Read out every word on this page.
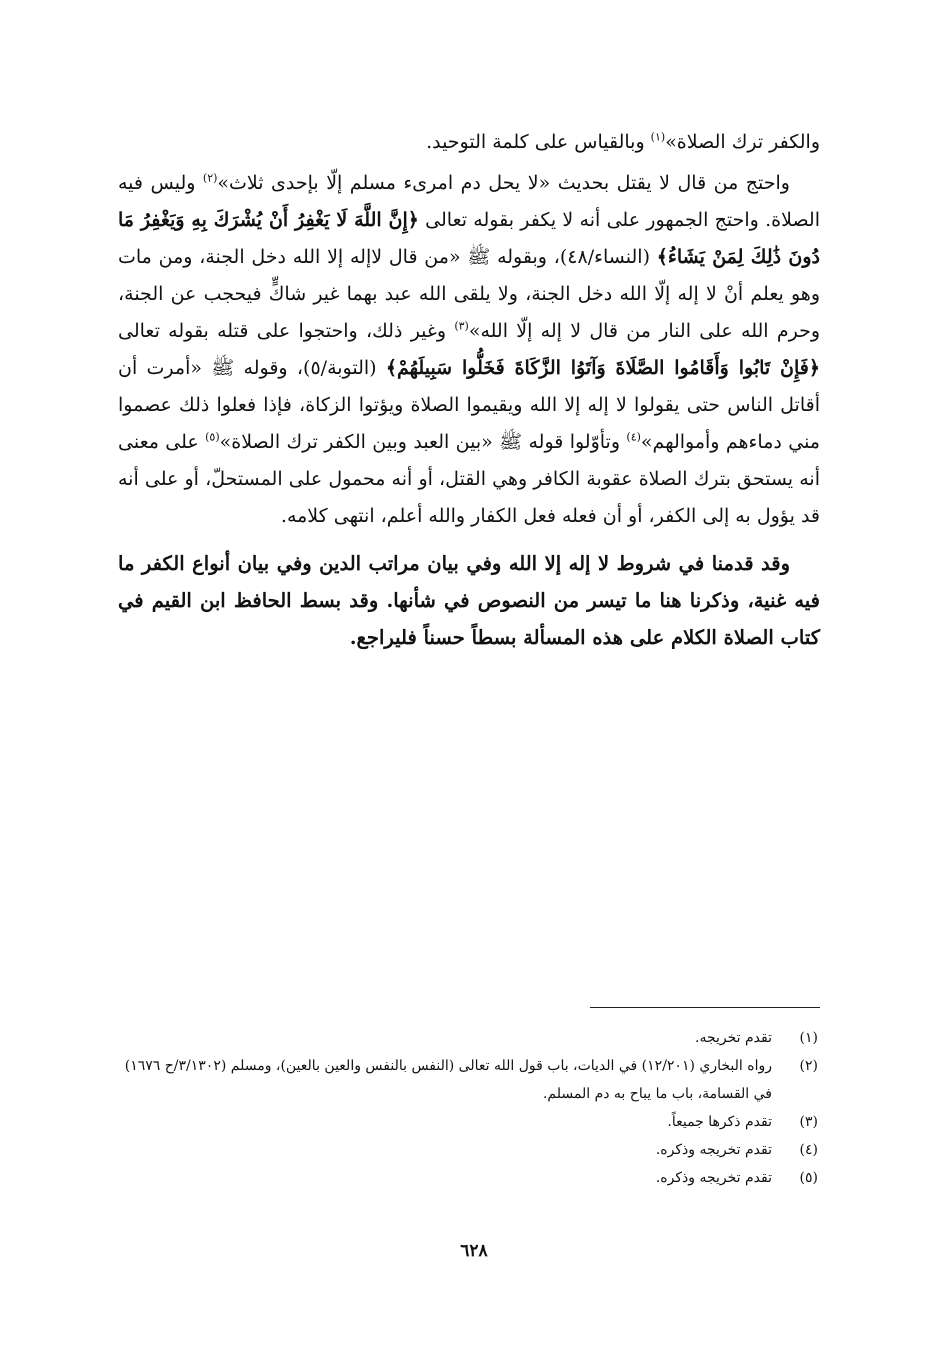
والكفر ترك الصلاة»$^{(١)}$ وبالقياس على كلمة التوحيد.

واحتج من قال لا يقتل بحديث «لا يحل دم امرىء مسلم إلّا بإحدى ثلاث»$^{(٢)}$ وليس فيه الصلاة. واحتج الجمهور على أنه لا يكفر بقوله تعالى ﴿إِنَّ اللَّهَ لَا يَغْفِرُ أَنْ يُشْرَكَ بِهِ وَيَغْفِرُ مَا دُونَ ذَٰلِكَ لِمَنْ يَشَاءُ﴾ (النساء/٤٨)، وبقوله ﷺ «من قال لاإله إلا الله دخل الجنة، ومن مات وهو يعلم أنْ لا إله إلّا الله دخل الجنة، ولا يلقى الله عبد بهما غير شاكٍّ فيحجب عن الجنة، وحرم الله على النار من قال لا إله إلّا الله»$^{(٣)}$ وغير ذلك، واحتجوا على قتله بقوله تعالى ﴿فَإِنْ تَابُوا وَأَقَامُوا الصَّلَاةَ وَآتَوُا الزَّكَاةَ فَخَلُّوا سَبِيلَهُمْ﴾ (التوبة/٥)، وقوله ﷺ «أمرت أن أقاتل الناس حتى يقولوا لا إله إلا الله ويقيموا الصلاة ويؤتوا الزكاة، فإذا فعلوا ذلك عصموا مني دماءهم وأموالهم»$^{(٤)}$ وتأوّلوا قوله ﷺ «بين العبد وبين الكفر ترك الصلاة»$^{(٥)}$ على معنى أنه يستحق بترك الصلاة عقوبة الكافر وهي القتل، أو أنه محمول على المستحلّ، أو على أنه قد يؤول به إلى الكفر، أو أن فعله فعل الكفار والله أعلم، انتهى كلامه.

وقد قدمنا في شروط لا إله إلا الله وفي بيان مراتب الدين وفي بيان أنواع الكفر ما فيه غنية، وذكرنا هنا ما تيسر من النصوص في شأنها. وقد بسط الحافظ ابن القيم في كتاب الصلاة الكلام على هذه المسألة بسطاً حسناً فليراجع.

(١)
تقدم تخريجه.
(٢)
رواه البخاري (١٢/٢٠١) في الديات، باب قول الله تعالى (النفس بالنفس والعين بالعين)، ومسلم (٣/١٣٠٢/ح ١٦٧٦) في القسامة، باب ما يباح به دم المسلم.
(٣)
تقدم ذكرها جميعاً.
(٤)
تقدم تخريجه وذكره.
(٥)
تقدم تخريجه وذكره.
٦٢٨
